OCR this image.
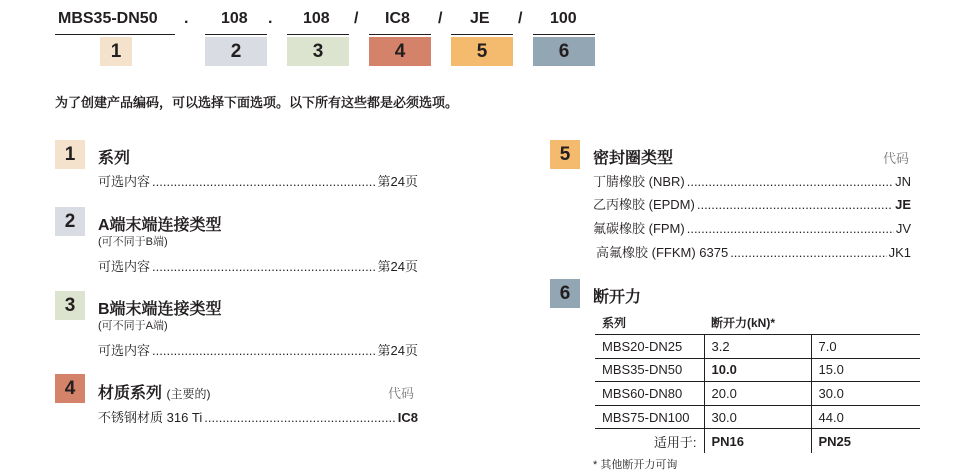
MBS35-DN50 . 108 . 108 / IC8 / JE / 100
1	2	3	4	5	6
为了创建产品编码，可以选择下面选项。以下所有这些都是必须选项。
1	系列
可选内容 .....	第24页
2	A端末端连接类型
(可不同于B端)
可选内容 .....	第24页
3	B端末端连接类型
(可不同于A端)
可选内容 .....	第24页
4	材质系列 (主要的)	代码
不锈钢材质 316 Ti .....	IC8
5	密封圈类型	代码
丁腈橡胶 (NBR) .....	JN
乙丙橡胶 (EPDM) .....	JE
氟碳橡胶 (FPM) .....	JV
高氟橡胶 (FFKM) 6375 .....	JK1
6	断开力
系列	断开力(kN)*	
MBS20-DN25	3.2	7.0
MBS35-DN50	10.0	15.0
MBS60-DN80	20.0	30.0
MBS75-DN100	30.0	44.0
适用于:	PN16	PN25
* 其他断开力可询
